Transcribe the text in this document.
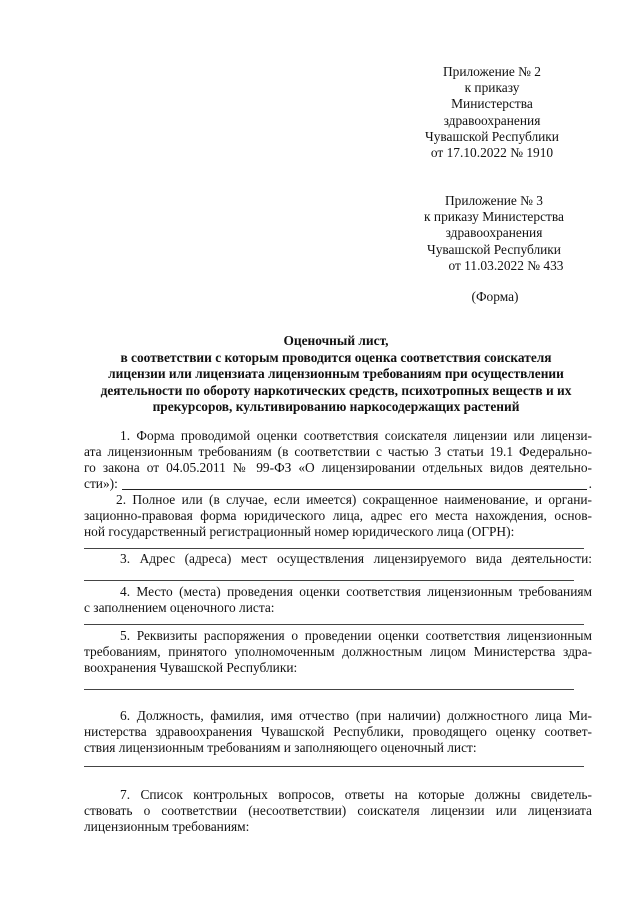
Приложение № 2
к приказу
Министерства
здравоохранения
Чувашской Республики
от 17.10.2022 № 1910
Приложение № 3
к приказу Министерства
здравоохранения
Чувашской Республики
от 11.03.2022 № 433
(Форма)
Оценочный лист,
в соответствии с которым проводится оценка соответствия соискателя
лицензии или лицензиата лицензионным требованиям при осуществлении
деятельности по обороту наркотических средств, психотропных веществ и их
прекурсоров, культивированию наркосодержащих растений
1. Форма проводимой оценки соответствия соискателя лицензии или лицензи-
ата лицензионным требованиям (в соответствии с частью 3 статьи 19.1 Федерально-
го закона от 04.05.2011 № 99-ФЗ «О лицензировании отдельных видов деятельно-
сти»):	.
2. Полное или (в случае, если имеется) сокращенное наименование, и органи-
зационно-правовая форма юридического лица, адрес его места нахождения, основ-
ной государственный регистрационный номер юридического лица (ОГРН):
3. Адрес (адреса) мест осуществления лицензируемого вида деятельности:
4. Место (места) проведения оценки соответствия лицензионным требованиям
с заполнением оценочного листа:
5. Реквизиты распоряжения о проведении оценки соответствия лицензионным
требованиям, принятого уполномоченным должностным лицом Министерства здра-
воохранения Чувашской Республики:
6. Должность, фамилия, имя отчество (при наличии) должностного лица Ми-
нистерства здравоохранения Чувашской Республики, проводящего оценку соответ-
ствия лицензионным требованиям и заполняющего оценочный лист:
7. Список контрольных вопросов, ответы на которые должны свидетель-
ствовать о соответствии (несоответствии) соискателя лицензии или лицензиата
лицензионным требованиям:
